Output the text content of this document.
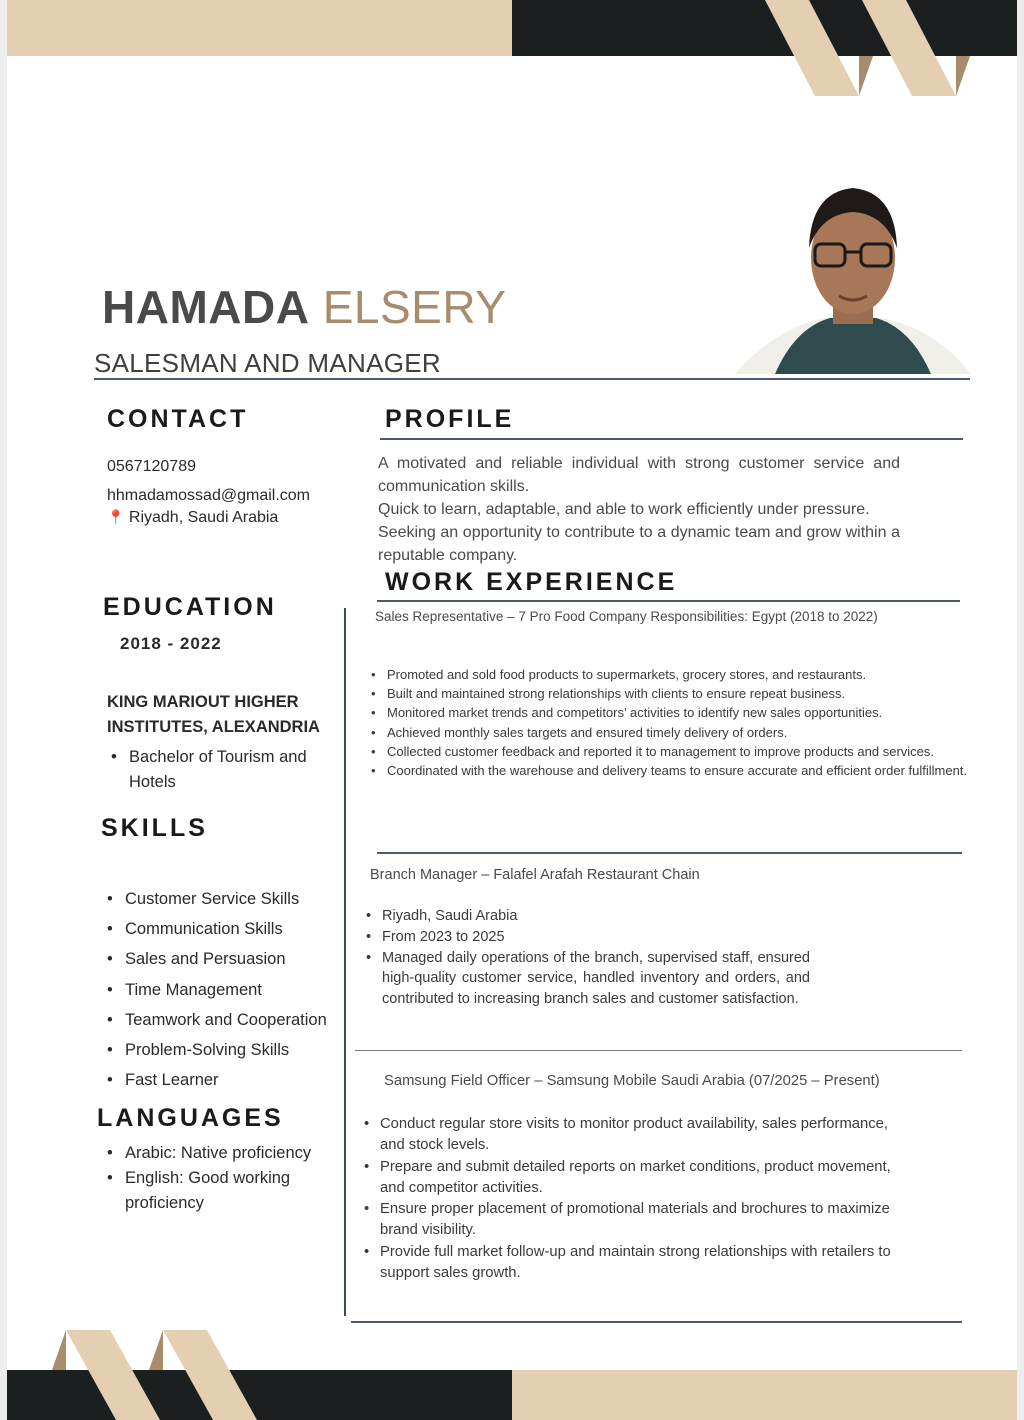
HAMADA ELSERY
SALESMAN AND MANAGER
CONTACT
0567120789
hhmadamossad@gmail.com
📍 Riyadh, Saudi Arabia
EDUCATION
2018 - 2022
KING MARIOUT HIGHER
INSTITUTES, ALEXANDRIA
• Bachelor of Tourism and Hotels
SKILLS
• Customer Service Skills
• Communication Skills
• Sales and Persuasion
• Time Management
• Teamwork and Cooperation
• Problem-Solving Skills
• Fast Learner
LANGUAGES
• Arabic: Native proficiency
• English: Good working proficiency
PROFILE

A motivated and reliable individual with strong customer service and communication skills.

Quick to learn, adaptable, and able to work efficiently under pressure.

Seeking an opportunity to contribute to a dynamic team and grow within a reputable company.

WORK EXPERIENCE
Sales Representative – 7 Pro Food Company Responsibilities: Egypt (2018 to 2022)
• Promoted and sold food products to supermarkets, grocery stores, and restaurants.
• Built and maintained strong relationships with clients to ensure repeat business.
• Monitored market trends and competitors’ activities to identify new sales opportunities.
• Achieved monthly sales targets and ensured timely delivery of orders.
• Collected customer feedback and reported it to management to improve products and services.
• Coordinated with the warehouse and delivery teams to ensure accurate and efficient order fulfillment.
Branch Manager – Falafel Arafah Restaurant Chain
• Riyadh, Saudi Arabia
• From 2023 to 2025
• Managed daily operations of the branch, supervised staff, ensured high-quality customer service, handled inventory and orders, and contributed to increasing branch sales and customer satisfaction.
Samsung Field Officer – Samsung Mobile Saudi Arabia (07/2025 – Present)
• Conduct regular store visits to monitor product availability, sales performance, and stock levels.
• Prepare and submit detailed reports on market conditions, product movement, and competitor activities.
• Ensure proper placement of promotional materials and brochures to maximize brand visibility.
• Provide full market follow-up and maintain strong relationships with retailers to support sales growth.
